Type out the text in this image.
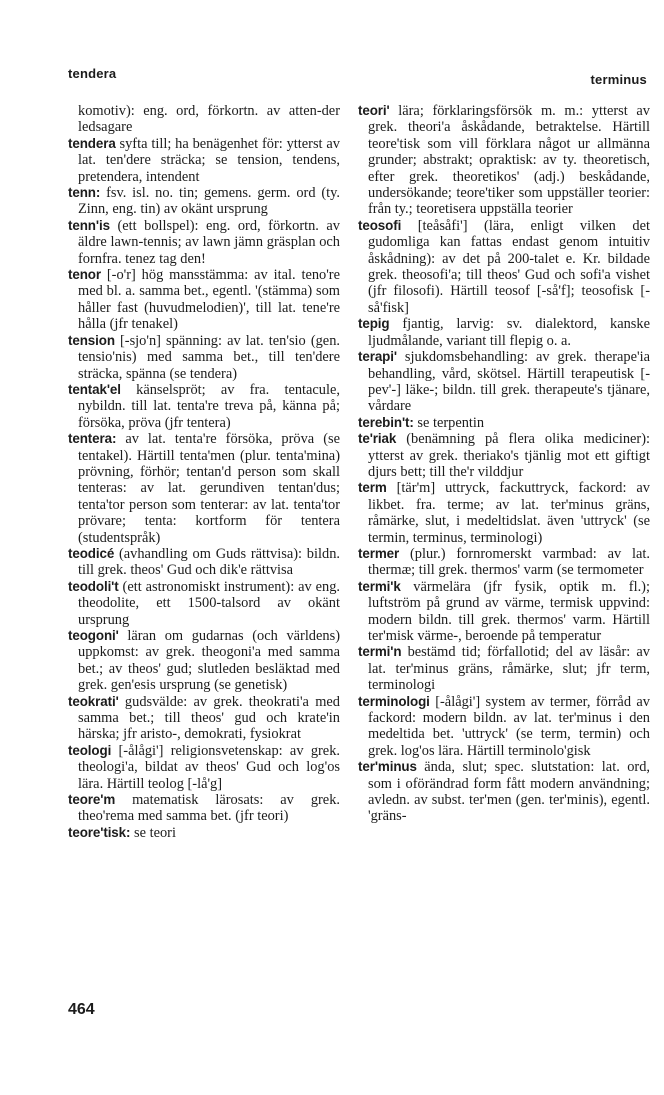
tendera	terminus

komotiv): eng. ord, förkortn. av atten-der ledsagare

tendera syfta till; ha benägenhet för: ytterst av lat. ten'dere sträcka; se tension, tendens, pretendera, intendent

tenn: fsv. isl. no. tin; gemens. germ. ord (ty. Zinn, eng. tin) av okänt ursprung

tenn'is (ett bollspel): eng. ord, förkortn. av äldre lawn-tennis; av lawn jämn gräsplan och fornfra. tenez tag den!

tenor [-o'r] hög mansstämma: av ital. teno're med bl. a. samma bet., egentl. '(stämma) som håller fast (huvudmelodien)', till lat. tene're hålla (jfr tenakel)

tension [-sjo'n] spänning: av lat. ten'sio (gen. tensio'nis) med samma bet., till ten'dere sträcka, spänna (se tendera)

tentak'el känselspröt; av fra. tentacule, nybildn. till lat. tenta're treva på, känna på; försöka, pröva (jfr tentera)

tentera: av lat. tenta're försöka, pröva (se tentakel). Härtill tenta'men (plur. tenta'mina) prövning, förhör; tentan'd person som skall tenteras: av lat. gerundiven tentan'dus; tenta'tor person som tenterar: av lat. tenta'tor prövare; tenta: kortform för tentera (studentspråk)

teodicé (avhandling om Guds rättvisa): bildn. till grek. theos' Gud och dik'e rättvisa

teodoli't (ett astronomiskt instrument): av eng. theodolite, ett 1500-talsord av okänt ursprung

teogoni' läran om gudarnas (och världens) uppkomst: av grek. theogoni'a med samma bet.; av theos' gud; slutleden besläktad med grek. gen'esis ursprung (se genetisk)

teokrati' gudsvälde: av grek. theokrati'a med samma bet.; till theos' gud och krate'in härska; jfr aristo-, demokrati, fysiokrat

teologi [-ålågi'] religionsvetenskap: av grek. theologi'a, bildat av theos' Gud och log'os lära. Härtill teolog [-lå'g]

teore'm matematisk lärosats: av grek. theo'rema med samma bet. (jfr teori)

teore'tisk: se teori

teori' lära; förklaringsförsök m. m.: ytterst av grek. theori'a åskådande, betraktelse. Härtill teore'tisk som vill förklara något ur allmänna grunder; abstrakt; opraktisk: av ty. theoretisch, efter grek. theoretikos' (adj.) beskådande, undersökande; teore'tiker som uppställer teorier: från ty.; teoretisera uppställa teorier

teosofi [teåsåfi'] (lära, enligt vilken det gudomliga kan fattas endast genom intuitiv åskådning): av det på 200-talet e. Kr. bildade grek. theosofi'a; till theos' Gud och sofi'a vishet (jfr filosofi). Härtill teosof [-så'f]; teosofisk [-så'fisk]

tepig fjantig, larvig: sv. dialektord, kanske ljudmålande, variant till flepig o. a.

terapi' sjukdomsbehandling: av grek. therape'ia behandling, vård, skötsel. Härtill terapeutisk [-pev'-] läke-; bildn. till grek. therapeute's tjänare, vårdare

terebin't: se terpentin

te'riak (benämning på flera olika mediciner): ytterst av grek. theriako's tjänlig mot ett giftigt djurs bett; till the'r vilddjur

term [tär'm] uttryck, fackuttryck, fackord: av likbet. fra. terme; av lat. ter'minus gräns, råmärke, slut, i medeltidslat. även 'uttryck' (se termin, terminus, terminologi)

termer (plur.) fornromerskt varmbad: av lat. thermæ; till grek. thermos' varm (se termometer

termi'k värmelära (jfr fysik, optik m. fl.); luftström på grund av värme, termisk uppvind: modern bildn. till grek. thermos' varm. Härtill ter'misk värme-, beroende på temperatur

termi'n bestämd tid; förfallotid; del av läsår: av lat. ter'minus gräns, råmärke, slut; jfr term, terminologi

terminologi [-ålågi'] system av termer, förråd av fackord: modern bildn. av lat. ter'minus i den medeltida bet. 'uttryck' (se term, termin) och grek. log'os lära. Härtill terminolo'gisk

ter'minus ända, slut; spec. slutstation: lat. ord, som i oförändrad form fått modern användning; avledn. av subst. ter'men (gen. ter'minis), egentl. 'gräns-

464
